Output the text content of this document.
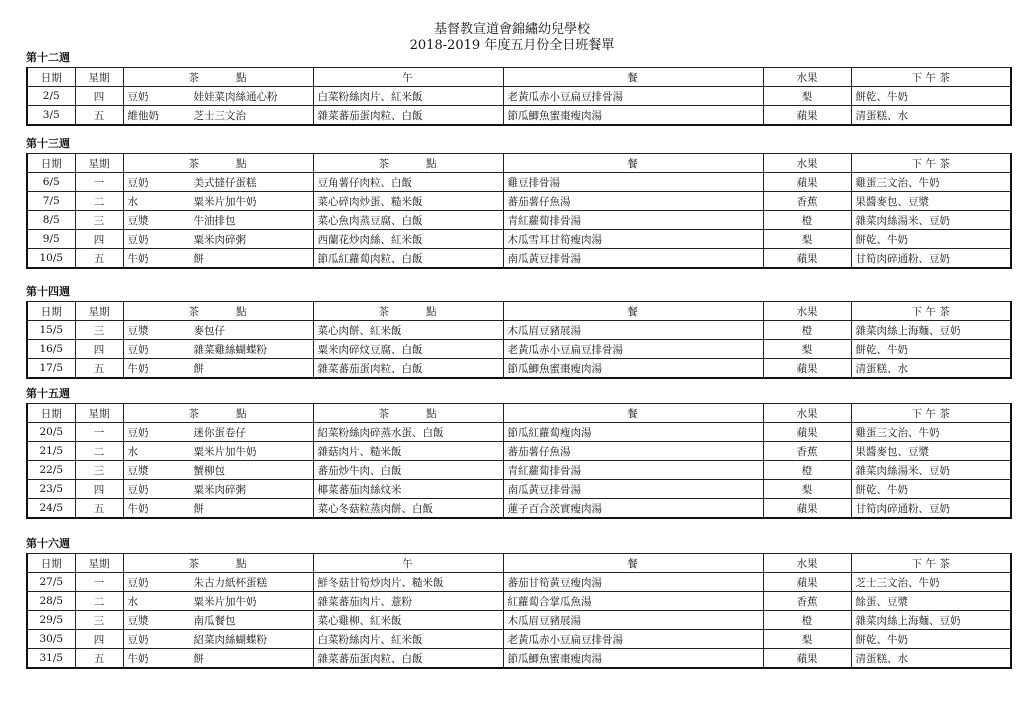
基督教宣道會錦繡幼兒學校
2018-2019 年度五月份全日班餐單
第十二週
日期	星期	茶 點	午	餐	水果	下 午 茶
2/5	四	豆奶 娃娃菜肉絲通心粉	白菜粉絲肉片、紅米飯	老黃瓜赤小豆扁豆排骨湯	梨	餅乾、牛奶
3/5	五	維他奶 芝士三文治	雜菜蕃茄蛋肉粒、白飯	節瓜鯽魚蜜棗瘦肉湯	蘋果	清蛋糕、水
第十三週
日期	星期	茶 點	茶 點	餐	水果	下 午 茶
6/5	一	豆奶 美式撻仔蛋糕	豆角薯仔肉粒、白飯	雞豆排骨湯	蘋果	雞蛋三文治、牛奶
7/5	二	水 粟米片加牛奶	菜心碎肉炒蛋、糙米飯	蕃茄薯仔魚湯	香蕉	果醬麥包、豆漿
8/5	三	豆漿 牛油排包	菜心魚肉蒸豆腐、白飯	青紅蘿蔔排骨湯	橙	雜菜肉絲湯米、豆奶
9/5	四	豆奶 粟米肉碎粥	西蘭花炒肉絲、紅米飯	木瓜雪耳甘筍瘦肉湯	梨	餅乾、牛奶
10/5	五	牛奶 餅	節瓜紅蘿蔔肉粒、白飯	南瓜黃豆排骨湯	蘋果	甘筍肉碎通粉、豆奶
第十四週
日期	星期	茶 點	茶 點	餐	水果	下 午 茶
15/5	三	豆漿 麥包仔	菜心肉餅、紅米飯	木瓜眉豆豬展湯	橙	雜菜肉絲上海麵、豆奶
16/5	四	豆奶 雜菜雞絲蝴蝶粉	粟米肉碎炆豆腐、白飯	老黃瓜赤小豆扁豆排骨湯	梨	餅乾、牛奶
17/5	五	牛奶 餅	雜菜蕃茄蛋肉粒、白飯	節瓜鯽魚蜜棗瘦肉湯	蘋果	清蛋糕、水
第十五週
日期	星期	茶 點	茶 點	餐	水果	下 午 茶
20/5	一	豆奶 迷你蛋卷仔	紹菜粉絲肉碎蒸水蛋、白飯	節瓜紅蘿蔔瘦肉湯	蘋果	雞蛋三文治、牛奶
21/5	二	水 粟米片加牛奶	雜菇肉片、糙米飯	蕃茄薯仔魚湯	香蕉	果醬麥包、豆漿
22/5	三	豆漿 蟹柳包	蕃茄炒牛肉、白飯	青紅蘿蔔排骨湯	橙	雜菜肉絲湯米、豆奶
23/5	四	豆奶 粟米肉碎粥	椰菜蕃茄肉絲炆米	南瓜黃豆排骨湯	梨	餅乾、牛奶
24/5	五	牛奶 餅	菜心冬菇粒蒸肉餅、白飯	蓮子百合茨實瘦肉湯	蘋果	甘筍肉碎通粉、豆奶
第十六週
日期	星期	茶 點	午	餐	水果	下 午 茶
27/5	一	豆奶 朱古力紙杯蛋糕	鮮冬菇甘筍炒肉片、糙米飯	蕃茄甘筍黃豆瘦肉湯	蘋果	芝士三文治、牛奶
28/5	二	水 粟米片加牛奶	雜菜蕃茄肉片、薏粉	紅蘿蔔合掌瓜魚湯	香蕉	餘蛋、豆漿
29/5	三	豆漿 南瓜餐包	菜心雞柳、紅米飯	木瓜眉豆豬展湯	橙	雜菜肉絲上海麵、豆奶
30/5	四	豆奶 紹菜肉絲蝴蝶粉	白菜粉絲肉片、紅米飯	老黃瓜赤小豆扁豆排骨湯	梨	餅乾、牛奶
31/5	五	牛奶 餅	雜菜蕃茄蛋肉粒、白飯	節瓜鯽魚蜜棗瘦肉湯	蘋果	清蛋糕、水
